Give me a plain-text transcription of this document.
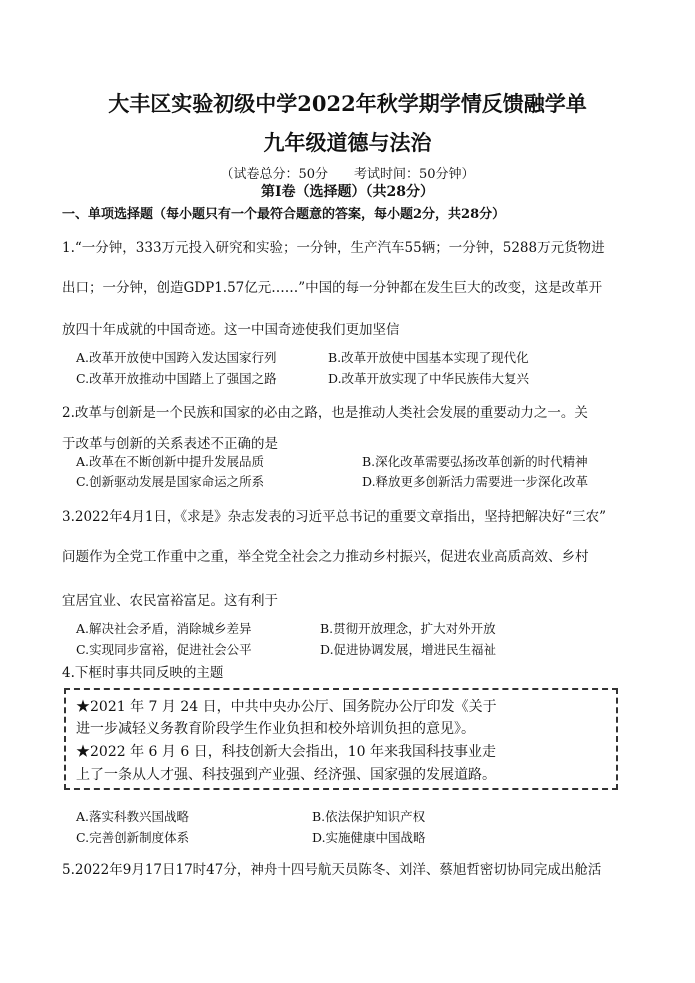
大丰区实验初级中学2022年秋学期学情反馈融学单
九年级道德与法治
（试卷总分：50分　　考试时间：50分钟）
第Ⅰ卷（选择题）（共28分）
一、单项选择题（每小题只有一个最符合题意的答案，每小题2分，共28分）
1.“一分钟，333万元投入研究和实验；一分钟，生产汽车55辆；一分钟，5288万元货物进
出口；一分钟，创造GDP1.57亿元……”中国的每一分钟都在发生巨大的改变，这是改革开
放四十年成就的中国奇迹。这一中国奇迹使我们更加坚信
A.改革开放使中国跨入发达国家行列	B.改革开放使中国基本实现了现代化
C.改革开放推动中国踏上了强国之路	D.改革开放实现了中华民族伟大复兴
2.改革与创新是一个民族和国家的必由之路，也是推动人类社会发展的重要动力之一。关
于改革与创新的关系表述不正确的是
A.改革在不断创新中提升发展品质	B.深化改革需要弘扬改革创新的时代精神
C.创新驱动发展是国家命运之所系	D.释放更多创新活力需要进一步深化改革
3.2022年4月1日，《求是》杂志发表的习近平总书记的重要文章指出，坚持把解决好“三农”
问题作为全党工作重中之重，举全党全社会之力推动乡村振兴，促进农业高质高效、乡村
宜居宜业、农民富裕富足。这有利于
A.解决社会矛盾，消除城乡差异	B.贯彻开放理念，扩大对外开放
C.实现同步富裕，促进社会公平	D.促进协调发展，增进民生福祉
4.下框时事共同反映的主题
★2021 年 7 月 24 日，中共中央办公厅、国务院办公厅印发《关于
进一步减轻义务教育阶段学生作业负担和校外培训负担的意见》。
★2022 年 6 月 6 日，科技创新大会指出，10 年来我国科技事业走
上了一条从人才强、科技强到产业强、经济强、国家强的发展道路。
A.落实科教兴国战略	B.依法保护知识产权
C.完善创新制度体系	D.实施健康中国战略
5.2022年9月17日17时47分，神舟十四号航天员陈冬、刘洋、蔡旭哲密切协同完成出舱活
